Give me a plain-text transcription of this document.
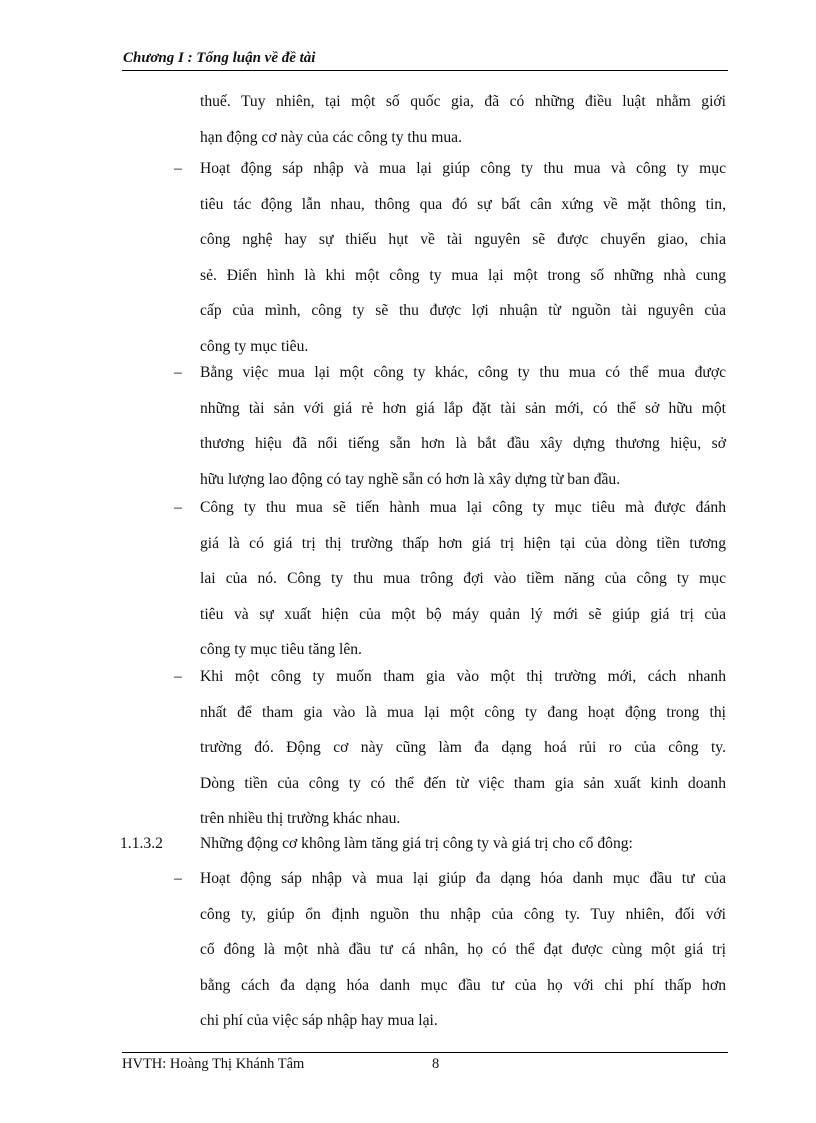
Chương I : Tổng luận về đề tài
thuế. Tuy nhiên, tại một số quốc gia, đã có những điều luật nhằm giới
hạn động cơ này của các công ty thu mua.
– Hoạt động sáp nhập và mua lại giúp công ty thu mua và công ty mục
tiêu tác động lẫn nhau, thông qua đó sự bất cân xứng về mặt thông tin,
công nghệ hay sự thiếu hụt về tài nguyên sẽ được chuyển giao, chia
sẻ. Điển hình là khi một công ty mua lại một trong số những nhà cung
cấp của mình, công ty sẽ thu được lợi nhuận từ nguồn tài nguyên của
công ty mục tiêu.
– Bằng việc mua lại một công ty khác, công ty thu mua có thể mua được
những tài sản với giá rẻ hơn giá lắp đặt tài sản mới, có thể sở hữu một
thương hiệu đã nổi tiếng sẵn hơn là bắt đầu xây dựng thương hiệu, sở
hữu lượng lao động có tay nghề sẵn có hơn là xây dựng từ ban đầu.
– Công ty thu mua sẽ tiến hành mua lại công ty mục tiêu mà được đánh
giá là có giá trị thị trường thấp hơn giá trị hiện tại của dòng tiền tương
lai của nó. Công ty thu mua trông đợi vào tiềm năng của công ty mục
tiêu và sự xuất hiện của một bộ máy quản lý mới sẽ giúp giá trị của
công ty mục tiêu tăng lên.
– Khi một công ty muốn tham gia vào một thị trường mới, cách nhanh
nhất để tham gia vào là mua lại một công ty đang hoạt động trong thị
trường đó. Động cơ này cũng làm đa dạng hoá rủi ro của công ty.
Dòng tiền của công ty có thể đến từ việc tham gia sản xuất kinh doanh
trên nhiều thị trường khác nhau.
1.1.3.2 Những động cơ không làm tăng giá trị công ty và giá trị cho cổ đông:
– Hoạt động sáp nhập và mua lại giúp đa dạng hóa danh mục đầu tư của
công ty, giúp ổn định nguồn thu nhập của công ty. Tuy nhiên, đối với
cổ đông là một nhà đầu tư cá nhân, họ có thể đạt được cùng một giá trị
bằng cách đa dạng hóa danh mục đầu tư của họ với chi phí thấp hơn
chi phí của việc sáp nhập hay mua lại.
HVTH: Hoàng Thị Khánh Tâm	8
